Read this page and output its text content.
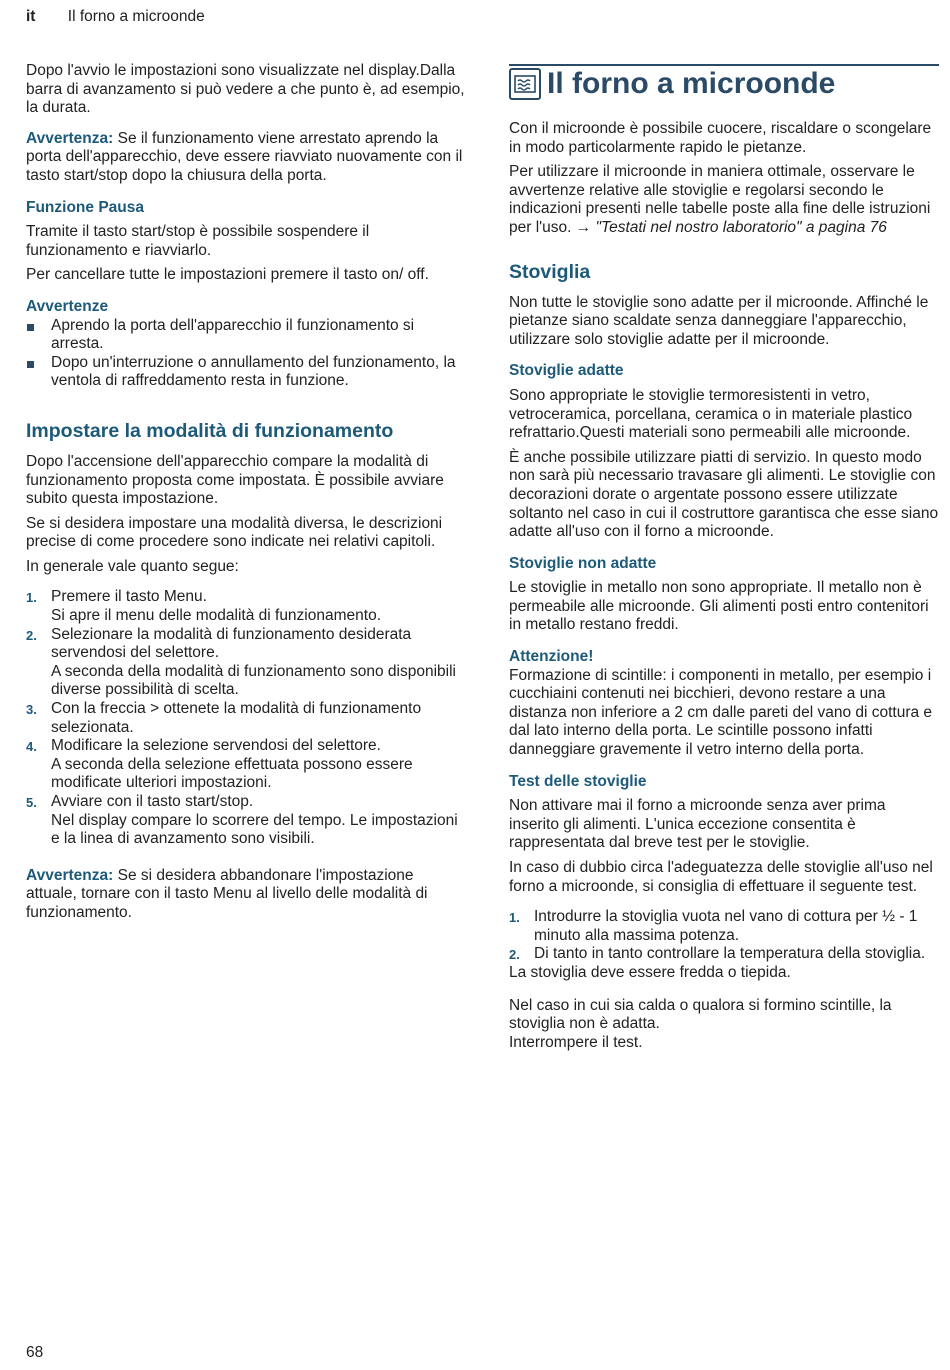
it Il forno a microonde

Dopo l'avvio le impostazioni sono visualizzate nel display.Dalla barra di avanzamento si può vedere a che punto è, ad esempio, la durata.

Avvertenza: Se il funzionamento viene arrestato aprendo la porta dell'apparecchio, deve essere riavviato nuovamente con il tasto start/stop dopo la chiusura della porta.

Funzione Pausa

Tramite il tasto start/stop è possibile sospendere il funzionamento e riavviarlo.

Per cancellare tutte le impostazioni premere il tasto on/ off.

Avvertenze
Aprendo la porta dell'apparecchio il funzionamento si arresta.
Dopo un'interruzione o annullamento del funzionamento, la ventola di raffreddamento resta in funzione.
Impostare la modalità di funzionamento

Dopo l'accensione dell'apparecchio compare la modalità di funzionamento proposta come impostata. È possibile avviare subito questa impostazione.

Se si desidera impostare una modalità diversa, le descrizioni precise di come procedere sono indicate nei relativi capitoli.

In generale vale quanto segue:

1. Premere il tasto Menu.
Si apre il menu delle modalità di funzionamento.
2. Selezionare la modalità di funzionamento desiderata servendosi del selettore.
A seconda della modalità di funzionamento sono disponibili diverse possibilità di scelta.
3. Con la freccia > ottenete la modalità di funzionamento selezionata.
4. Modificare la selezione servendosi del selettore.
A seconda della selezione effettuata possono essere modificate ulteriori impostazioni.
5. Avviare con il tasto start/stop.
Nel display compare lo scorrere del tempo. Le impostazioni e la linea di avanzamento sono visibili.

Avvertenza: Se si desidera abbandonare l'impostazione attuale, tornare con il tasto Menu al livello delle modalità di funzionamento.

Il forno a microonde

Con il microonde è possibile cuocere, riscaldare o scongelare in modo particolarmente rapido le pietanze.

Per utilizzare il microonde in maniera ottimale, osservare le avvertenze relative alle stoviglie e regolarsi secondo le indicazioni presenti nelle tabelle poste alla fine delle istruzioni per l'uso. → "Testati nel nostro laboratorio" a pagina 76

Stoviglia

Non tutte le stoviglie sono adatte per il microonde. Affinché le pietanze siano scaldate senza danneggiare l'apparecchio, utilizzare solo stoviglie adatte per il microonde.

Stoviglie adatte

Sono appropriate le stoviglie termoresistenti in vetro, vetroceramica, porcellana, ceramica o in materiale plastico refrattario.Questi materiali sono permeabili alle microonde.

È anche possibile utilizzare piatti di servizio. In questo modo non sarà più necessario travasare gli alimenti. Le stoviglie con decorazioni dorate o argentate possono essere utilizzate soltanto nel caso in cui il costruttore garantisca che esse siano adatte all'uso con il forno a microonde.

Stoviglie non adatte

Le stoviglie in metallo non sono appropriate. Il metallo non è permeabile alle microonde. Gli alimenti posti entro contenitori in metallo restano freddi.

Attenzione!

Formazione di scintille: i componenti in metallo, per esempio i cucchiaini contenuti nei bicchieri, devono restare a una distanza non inferiore a 2 cm dalle pareti del vano di cottura e dal lato interno della porta. Le scintille possono infatti danneggiare gravemente il vetro interno della porta.

Test delle stoviglie

Non attivare mai il forno a microonde senza aver prima inserito gli alimenti. L'unica eccezione consentita è rappresentata dal breve test per le stoviglie.

In caso di dubbio circa l'adeguatezza delle stoviglie all'uso nel forno a microonde, si consiglia di effettuare il seguente test.

1. Introdurre la stoviglia vuota nel vano di cottura per ½ - 1 minuto alla massima potenza.
2. Di tanto in tanto controllare la temperatura della stoviglia.

La stoviglia deve essere fredda o tiepida.

Nel caso in cui sia calda o qualora si formino scintille, la stoviglia non è adatta.

Interrompere il test.

68
